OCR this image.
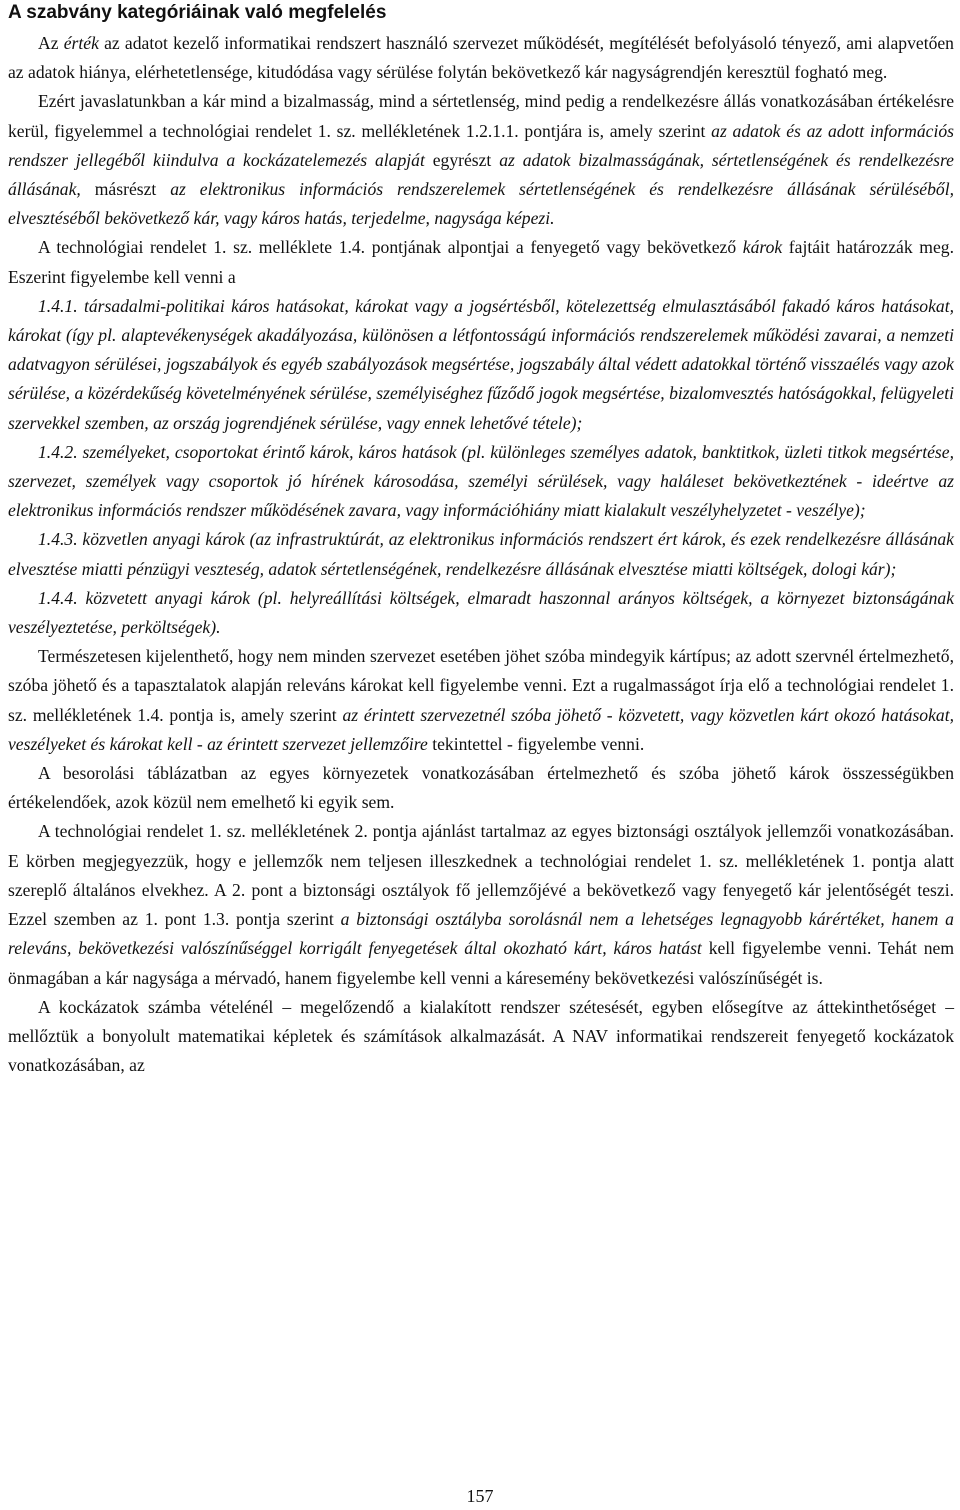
A szabvány kategóriáinak való megfelelés

Az érték az adatot kezelő informatikai rendszert használó szervezet működését, megítélését befolyásoló tényező, ami alapvetően az adatok hiánya, elérhetetlensége, kitudódása vagy sérülése folytán bekövetkező kár nagyságrendjén keresztül fogható meg.

Ezért javaslatunkban a kár mind a bizalmasság, mind a sértetlenség, mind pedig a rendelkezésre állás vonatkozásában értékelésre kerül, figyelemmel a technológiai rendelet 1. sz. mellékletének 1.2.1.1. pontjára is, amely szerint az adatok és az adott információs rendszer jellegéből kiindulva a kockázatelemezés alapját egyrészt az adatok bizalmasságának, sértetlenségének és rendelkezésre állásának, másrészt az elektronikus információs rendszerelemek sértetlenségének és rendelkezésre állásának sérüléséből, elvesztéséből bekövetkező kár, vagy káros hatás, terjedelme, nagysága képezi.

A technológiai rendelet 1. sz. melléklete 1.4. pontjának alpontjai a fenyegető vagy bekövetkező károk fajtáit határozzák meg. Eszerint figyelembe kell venni a

1.4.1. társadalmi-politikai káros hatásokat, károkat vagy a jogsértésből, kötelezettség elmulasztásából fakadó káros hatásokat, károkat (így pl. alaptevékenységek akadályozása, különösen a létfontosságú információs rendszerelemek működési zavarai, a nemzeti adatvagyon sérülései, jogszabályok és egyéb szabályozások megsértése, jogszabály által védett adatokkal történő visszaélés vagy azok sérülése, a közérdekűség követelményének sérülése, személyiséghez fűződő jogok megsértése, bizalomvesztés hatóságokkal, felügyeleti szervekkel szemben, az ország jogrendjének sérülése, vagy ennek lehetővé tétele);

1.4.2. személyeket, csoportokat érintő károk, káros hatások (pl. különleges személyes adatok, banktitkok, üzleti titkok megsértése, szervezet, személyek vagy csoportok jó hírének károsodása, személyi sérülések, vagy haláleset bekövetkeztének - ideértve az elektronikus információs rendszer működésének zavara, vagy információhiány miatt kialakult veszélyhelyzetet - veszélye);

1.4.3. közvetlen anyagi károk (az infrastruktúrát, az elektronikus információs rendszert ért károk, és ezek rendelkezésre állásának elvesztése miatti pénzügyi veszteség, adatok sértetlenségének, rendelkezésre állásának elvesztése miatti költségek, dologi kár);

1.4.4. közvetett anyagi károk (pl. helyreállítási költségek, elmaradt haszonnal arányos költségek, a környezet biztonságának veszélyeztetése, perköltségek).

Természetesen kijelenthető, hogy nem minden szervezet esetében jöhet szóba mindegyik kártípus; az adott szervnél értelmezhető, szóba jöhető és a tapasztalatok alapján releváns károkat kell figyelembe venni. Ezt a rugalmasságot írja elő a technológiai rendelet 1. sz. mellékletének 1.4. pontja is, amely szerint az érintett szervezetnél szóba jöhető - közvetett, vagy közvetlen kárt okozó hatásokat, veszélyeket és károkat kell - az érintett szervezet jellemzőire tekintettel - figyelembe venni.

A besorolási táblázatban az egyes környezetek vonatkozásában értelmezhető és szóba jöhető károk összességükben értékelendőek, azok közül nem emelhető ki egyik sem.

A technológiai rendelet 1. sz. mellékletének 2. pontja ajánlást tartalmaz az egyes biztonsági osztályok jellemzői vonatkozásában. E körben megjegyezzük, hogy e jellemzők nem teljesen illeszkednek a technológiai rendelet 1. sz. mellékletének 1. pontja alatt szereplő általános elvekhez. A 2. pont a biztonsági osztályok fő jellemzőjévé a bekövetkező vagy fenyegető kár jelentőségét teszi. Ezzel szemben az 1. pont 1.3. pontja szerint a biztonsági osztályba sorolásnál nem a lehetséges legnagyobb kárértéket, hanem a releváns, bekövetkezési valószínűséggel korrigált fenyegetések által okozható kárt, káros hatást kell figyelembe venni. Tehát nem önmagában a kár nagysága a mérvadó, hanem figyelembe kell venni a káresemény bekövetkezési valószínűségét is.

A kockázatok számba vételénél – megelőzendő a kialakított rendszer szétesését, egyben elősegítve az áttekinthetőséget – mellőztük a bonyolult matematikai képletek és számítások alkalmazását. A NAV informatikai rendszereit fenyegető kockázatok vonatkozásában, az

157
